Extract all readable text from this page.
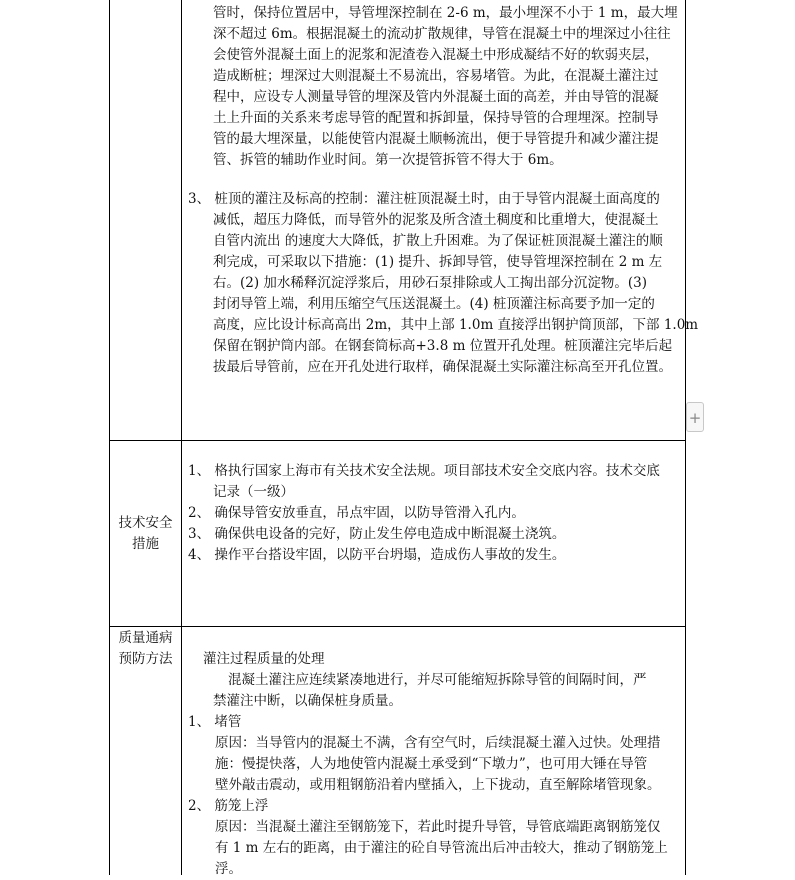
管时，保持位置居中，导管埋深控制在 2-6 m，最小埋深不小于 1 m，最大埋
深不超过 6m。根据混凝土的流动扩散规律，导管在混凝土中的埋深过小往往
会使管外混凝土面上的泥浆和泥渣卷入混凝土中形成凝结不好的软弱夹层，
造成断桩；埋深过大则混凝土不易流出，容易堵管。为此，在混凝土灌注过
程中，应设专人测量导管的埋深及管内外混凝土面的高差，并由导管的混凝
土上升面的关系来考虑导管的配置和拆卸量，保持导管的合理埋深。控制导
管的最大埋深量，以能使管内混凝土顺畅流出，便于导管提升和减少灌注提
管、拆管的辅助作业时间。第一次提管拆管不得大于 6m。
3、 桩顶的灌注及标高的控制：灌注桩顶混凝土时，由于导管内混凝土面高度的
减低，超压力降低，而导管外的泥浆及所含渣土稠度和比重增大，使混凝土
自管内流出 的速度大大降低，扩散上升困难。为了保证桩顶混凝土灌注的顺
利完成，可采取以下措施：(1) 提升、拆卸导管，使导管埋深控制在 2 m 左
右。(2) 加水稀释沉淀浮浆后，用砂石泵排除或人工掏出部分沉淀物。(3)
封闭导管上端，利用压缩空气压送混凝土。(4) 桩顶灌注标高要予加一定的
高度，应比设计标高高出 2m，其中上部 1.0m 直接浮出钢护筒顶部，下部 1.0m
保留在钢护筒内部。在钢套筒标高+3.8 m 位置开孔处理。桩顶灌注完毕后起
拔最后导管前，应在开孔处进行取样，确保混凝土实际灌注标高至开孔位置。
+
技术安全
措施
1、 格执行国家上海市有关技术安全法规。项目部技术安全交底内容。技术交底
记录（一级）
2、 确保导管安放垂直，吊点牢固，以防导管滑入孔内。
3、 确保供电设备的完好，防止发生停电造成中断混凝土浇筑。
4、 操作平台搭设牢固，以防平台坍塌，造成伤人事故的发生。
质量通病
预防方法	灌注过程质量的处理
混凝土灌注应连续紧凑地进行，并尽可能缩短拆除导管的间隔时间，严
禁灌注中断，以确保桩身质量。
1、 堵管
原因：当导管内的混凝土不满，含有空气时，后续混凝土灌入过快。处理措
施：慢提快落，人为地使管内混凝土承受到“下墩力”，也可用大锤在导管
壁外敲击震动，或用粗钢筋沿着内壁插入，上下拢动，直至解除堵管现象。
2、 筋笼上浮
原因：当混凝土灌注至钢筋笼下，若此时提升导管，导管底端距离钢筋笼仅
有 1 m 左右的距离，由于灌注的砼自导管流出后冲击较大，推动了钢筋笼上
浮。
